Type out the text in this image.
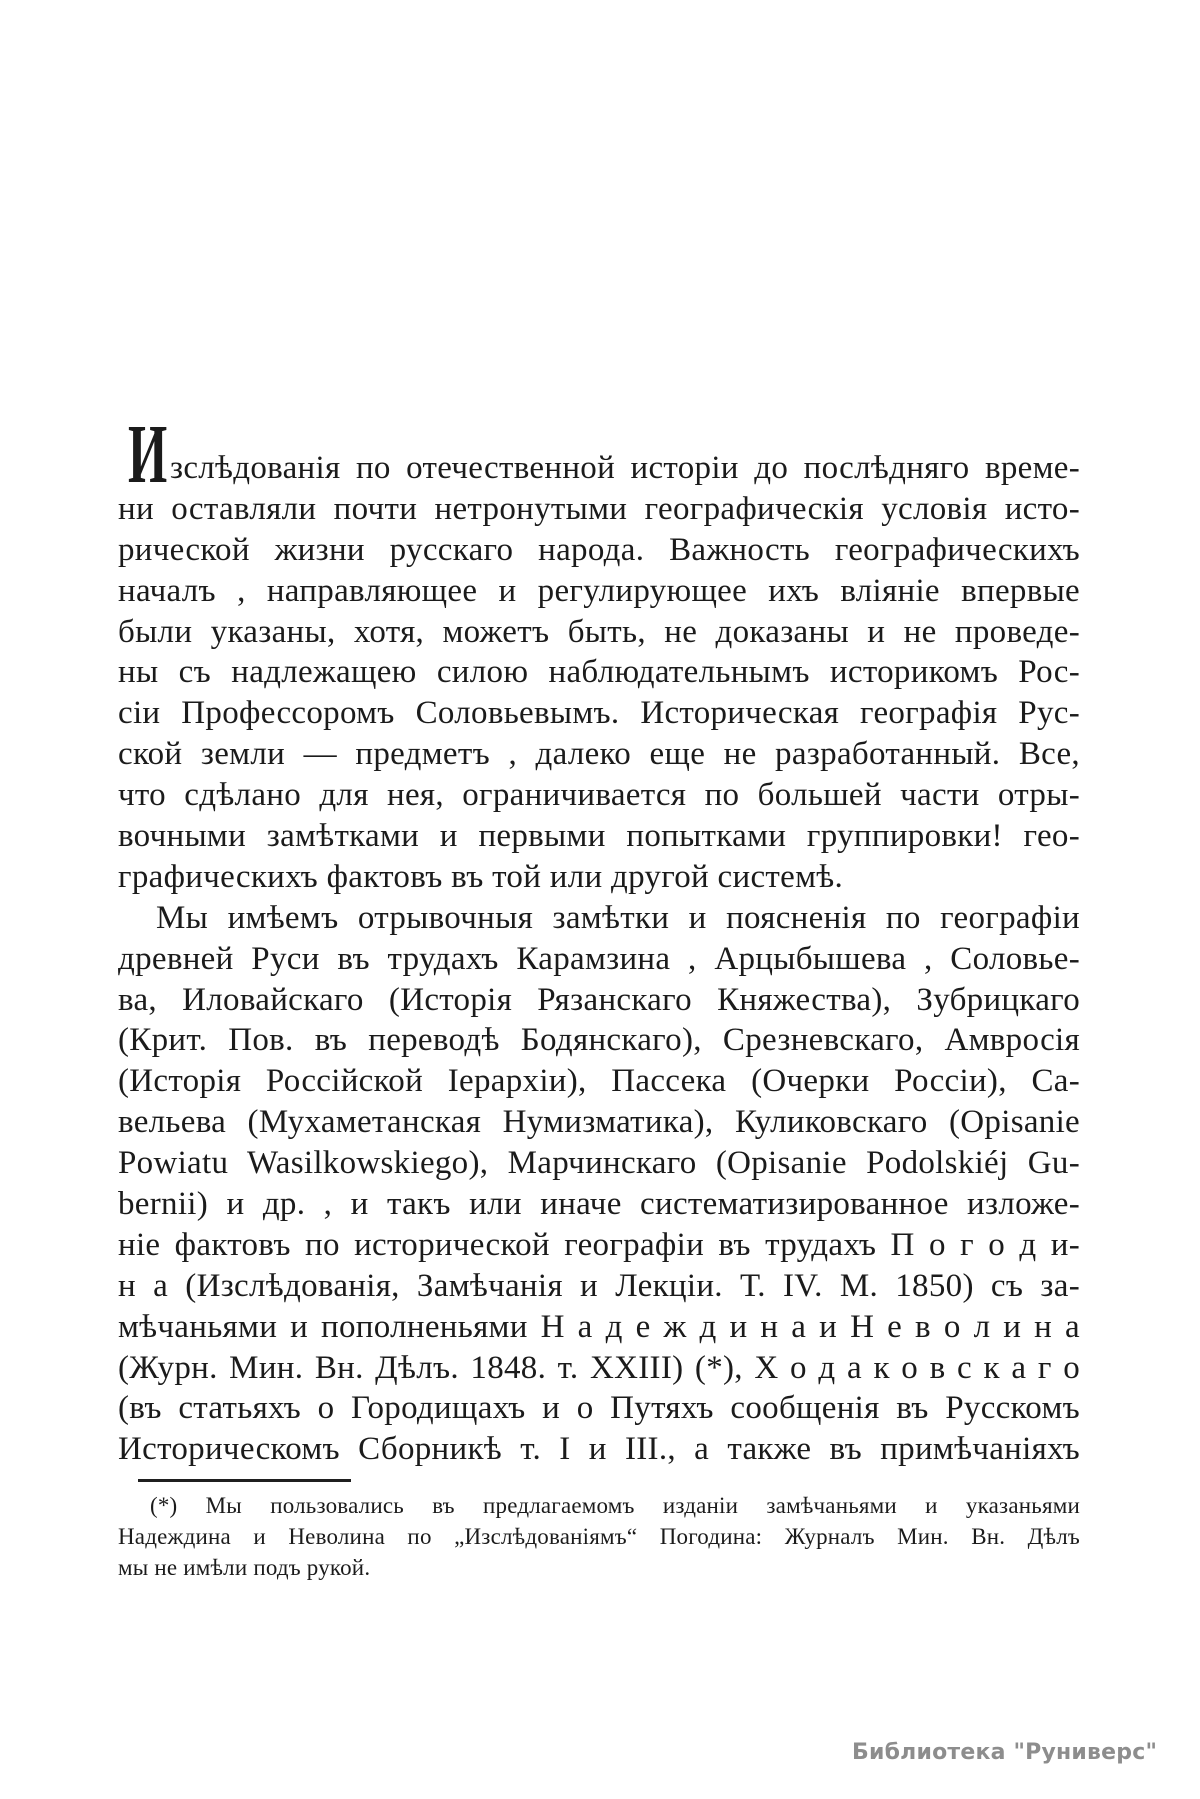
И зслѣдованія по отечественной исторіи до послѣдняго време-
ни оставляли почти нетронутыми географическія условія исто-
рической жизни русскаго народа. Важность географическихъ
началъ , направляющее и регулирующее ихъ вліяніе впервые
были указаны, хотя, можетъ быть, не доказаны и не проведе-
ны съ надлежащею силою наблюдательнымъ историкомъ Рос-
сіи Профессоромъ Соловьевымъ. Историческая географія Рус-
ской земли — предметъ , далеко еще не разработанный. Все,
что сдѣлано для нея, ограничивается по большей части отры-
вочными замѣтками и первыми попытками группировки! гео-
графическихъ фактовъ въ той или другой системѣ.
Мы имѣемъ отрывочныя замѣтки и поясненія по географіи
древней Руси въ трудахъ Карамзина , Арцыбышева , Соловье-
ва, Иловайскаго (Исторія Рязанскаго Княжества), Зубрицкаго
(Крит. Пов. въ переводѣ Бодянскаго), Срезневскаго, Амвросія
(Исторія Россійской Іерархіи), Пассека (Очерки Россіи), Са-
вельева (Мухаметанская Нумизматика), Куликовскаго (Opisanie
Powiatu Wasilkowskiego), Марчинскаго (Opisanie Podolskiéj Gu-
bernii) и др. , и такъ или иначе систематизированное изложе-
ніе фактовъ по исторической географіи въ трудахъ П о г о д и-
н а (Изслѣдованія, Замѣчанія и Лекціи. Т. IV. М. 1850) съ за-
мѣчаньями и пополненьями Н а д е ж д и н а и Н е в о л и н а
(Журн. Мин. Вн. Дѣлъ. 1848. т. XXIII) (*), Х о д а к о в с к а г о
(въ статьяхъ о Городищахъ и о Путяхъ сообщенія въ Русскомъ
Историческомъ Сборникѣ т. I и III., а также въ примѣчаніяхъ
(*) Мы пользовались въ предлагаемомъ изданіи замѣчаньями и указаньями
Надеждина и Неволина по „Изслѣдованіямъ“ Погодина: Журналъ Мин. Вн. Дѣлъ
мы не имѣли подъ рукой.
Библиотека "Руниверс"
